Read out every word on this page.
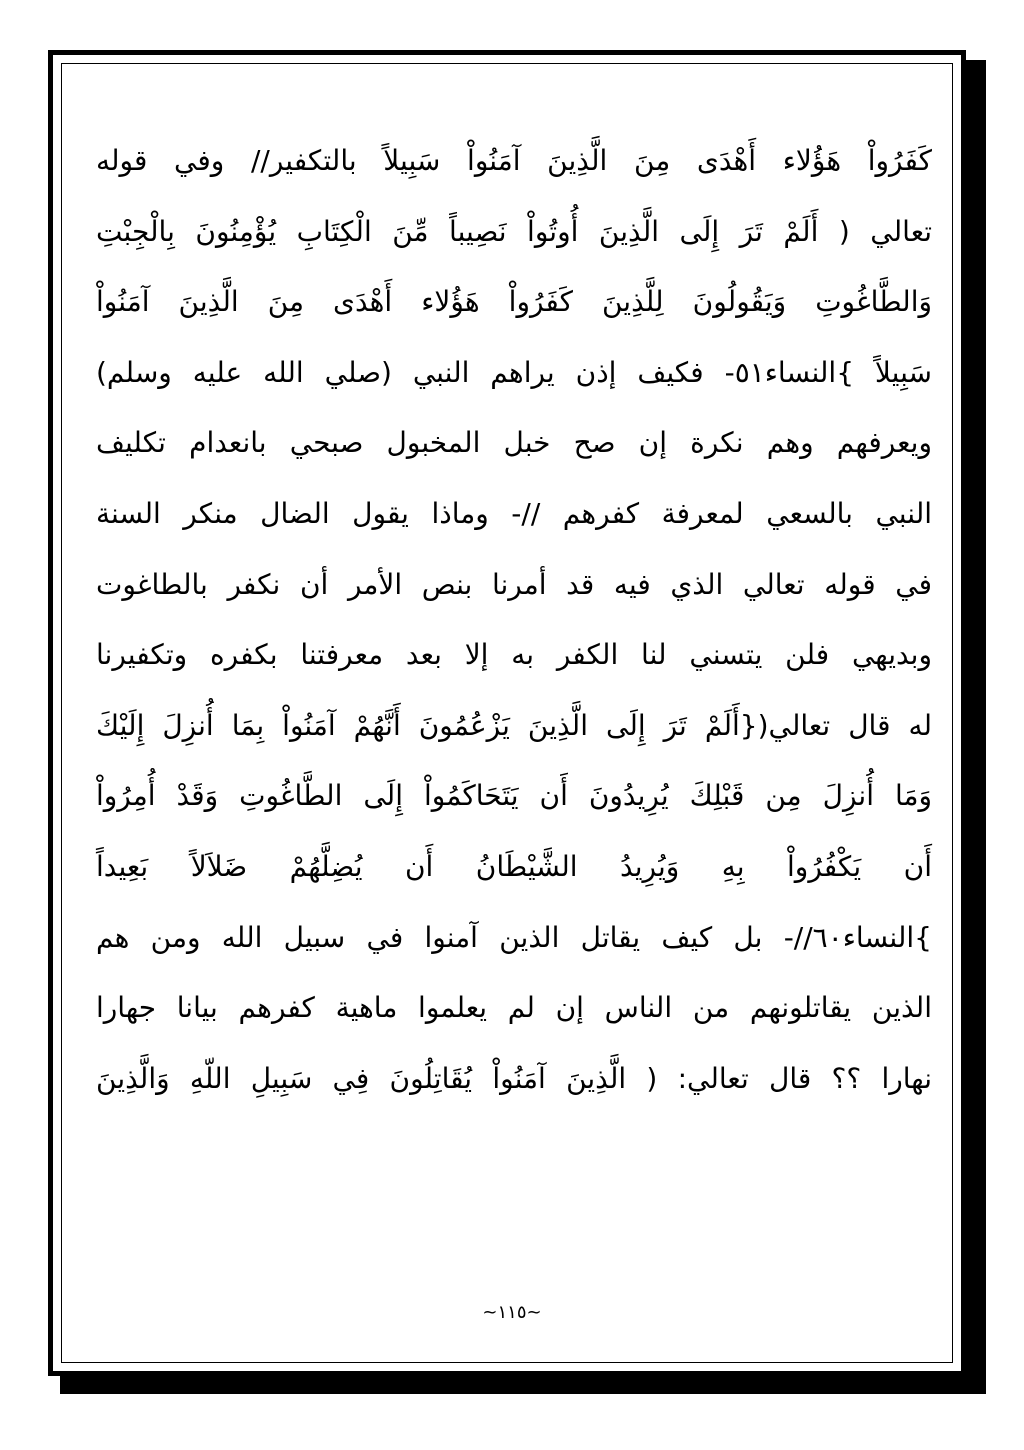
كَفَرُواْ هَؤُلاء أَهْدَى مِنَ الَّذِينَ آمَنُواْ سَبِيلاً بالتكفير// وفي قوله
تعالي ( أَلَمْ تَرَ إِلَى الَّذِينَ أُوتُواْ نَصِيباً مِّنَ الْكِتَابِ يُؤْمِنُونَ بِالْجِبْتِ
وَالطَّاغُوتِ وَيَقُولُونَ لِلَّذِينَ كَفَرُواْ هَؤُلاء أَهْدَى مِنَ الَّذِينَ آمَنُواْ
سَبِيلاً }النساء٥١- فكيف إذن يراهم النبي (صلي الله عليه وسلم)
ويعرفهم وهم نكرة إن صح خبل المخبول صبحي بانعدام تكليف
النبي بالسعي لمعرفة كفرهم //- وماذا يقول الضال منكر السنة
في قوله تعالي الذي فيه قد أمرنا بنص الأمر أن نكفر بالطاغوت
وبديهي فلن يتسني لنا الكفر به إلا بعد معرفتنا بكفره وتكفيرنا
له قال تعالي({أَلَمْ تَرَ إِلَى الَّذِينَ يَزْعُمُونَ أَنَّهُمْ آمَنُواْ بِمَا أُنزِلَ إِلَيْكَ
وَمَا أُنزِلَ مِن قَبْلِكَ يُرِيدُونَ أَن يَتَحَاكَمُواْ إِلَى الطَّاغُوتِ وَقَدْ أُمِرُواْ
أَن يَكْفُرُواْ بِهِ وَيُرِيدُ الشَّيْطَانُ أَن يُضِلَّهُمْ ضَلاَلاً بَعِيداً
}النساء٦٠//- بل كيف يقاتل الذين آمنوا في سبيل الله ومن هم
الذين يقاتلونهم من الناس إن لم يعلموا ماهية كفرهم بيانا جهارا
نهارا ؟؟ قال تعالي: ( الَّذِينَ آمَنُواْ يُقَاتِلُونَ فِي سَبِيلِ اللّهِ وَالَّذِينَ
~١١٥~
